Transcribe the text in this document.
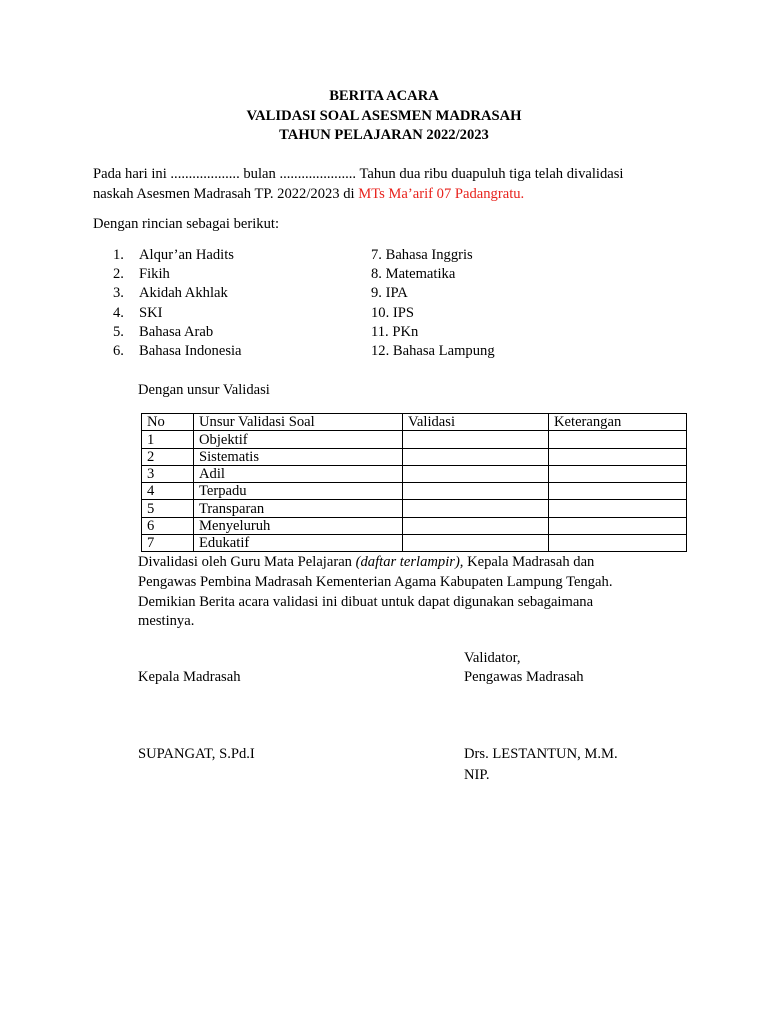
BERITA ACARA
VALIDASI SOAL ASESMEN MADRASAH
TAHUN PELAJARAN 2022/2023
Pada hari ini ................... bulan ..................... Tahun dua ribu duapuluh tiga telah divalidasi
naskah Asesmen Madrasah TP. 2022/2023 di MTs Ma’arif 07 Padangratu.
Dengan rincian sebagai berikut:
1. Alqur’an Hadits
2. Fikih
3. Akidah Akhlak
4. SKI
5. Bahasa Arab
6. Bahasa Indonesia
7. Bahasa Inggris
8. Matematika
9. IPA
10. IPS
11. PKn
12. Bahasa Lampung
Dengan unsur Validasi
No	Unsur Validasi Soal	Validasi	Keterangan
1	Objektif		
2	Sistematis		
3	Adil		
4	Terpadu		
5	Transparan		
6	Menyeluruh		
7	Edukatif		
Divalidasi oleh Guru Mata Pelajaran (daftar terlampir), Kepala Madrasah dan
Pengawas Pembina Madrasah Kementerian Agama Kabupaten Lampung Tengah.
Demikian Berita acara validasi ini dibuat untuk dapat digunakan sebagaimana
mestinya.
Validator,
Kepala Madrasah	Pengawas Madrasah
SUPANGAT, S.Pd.I	Drs. LESTANTUN, M.M.
NIP.
